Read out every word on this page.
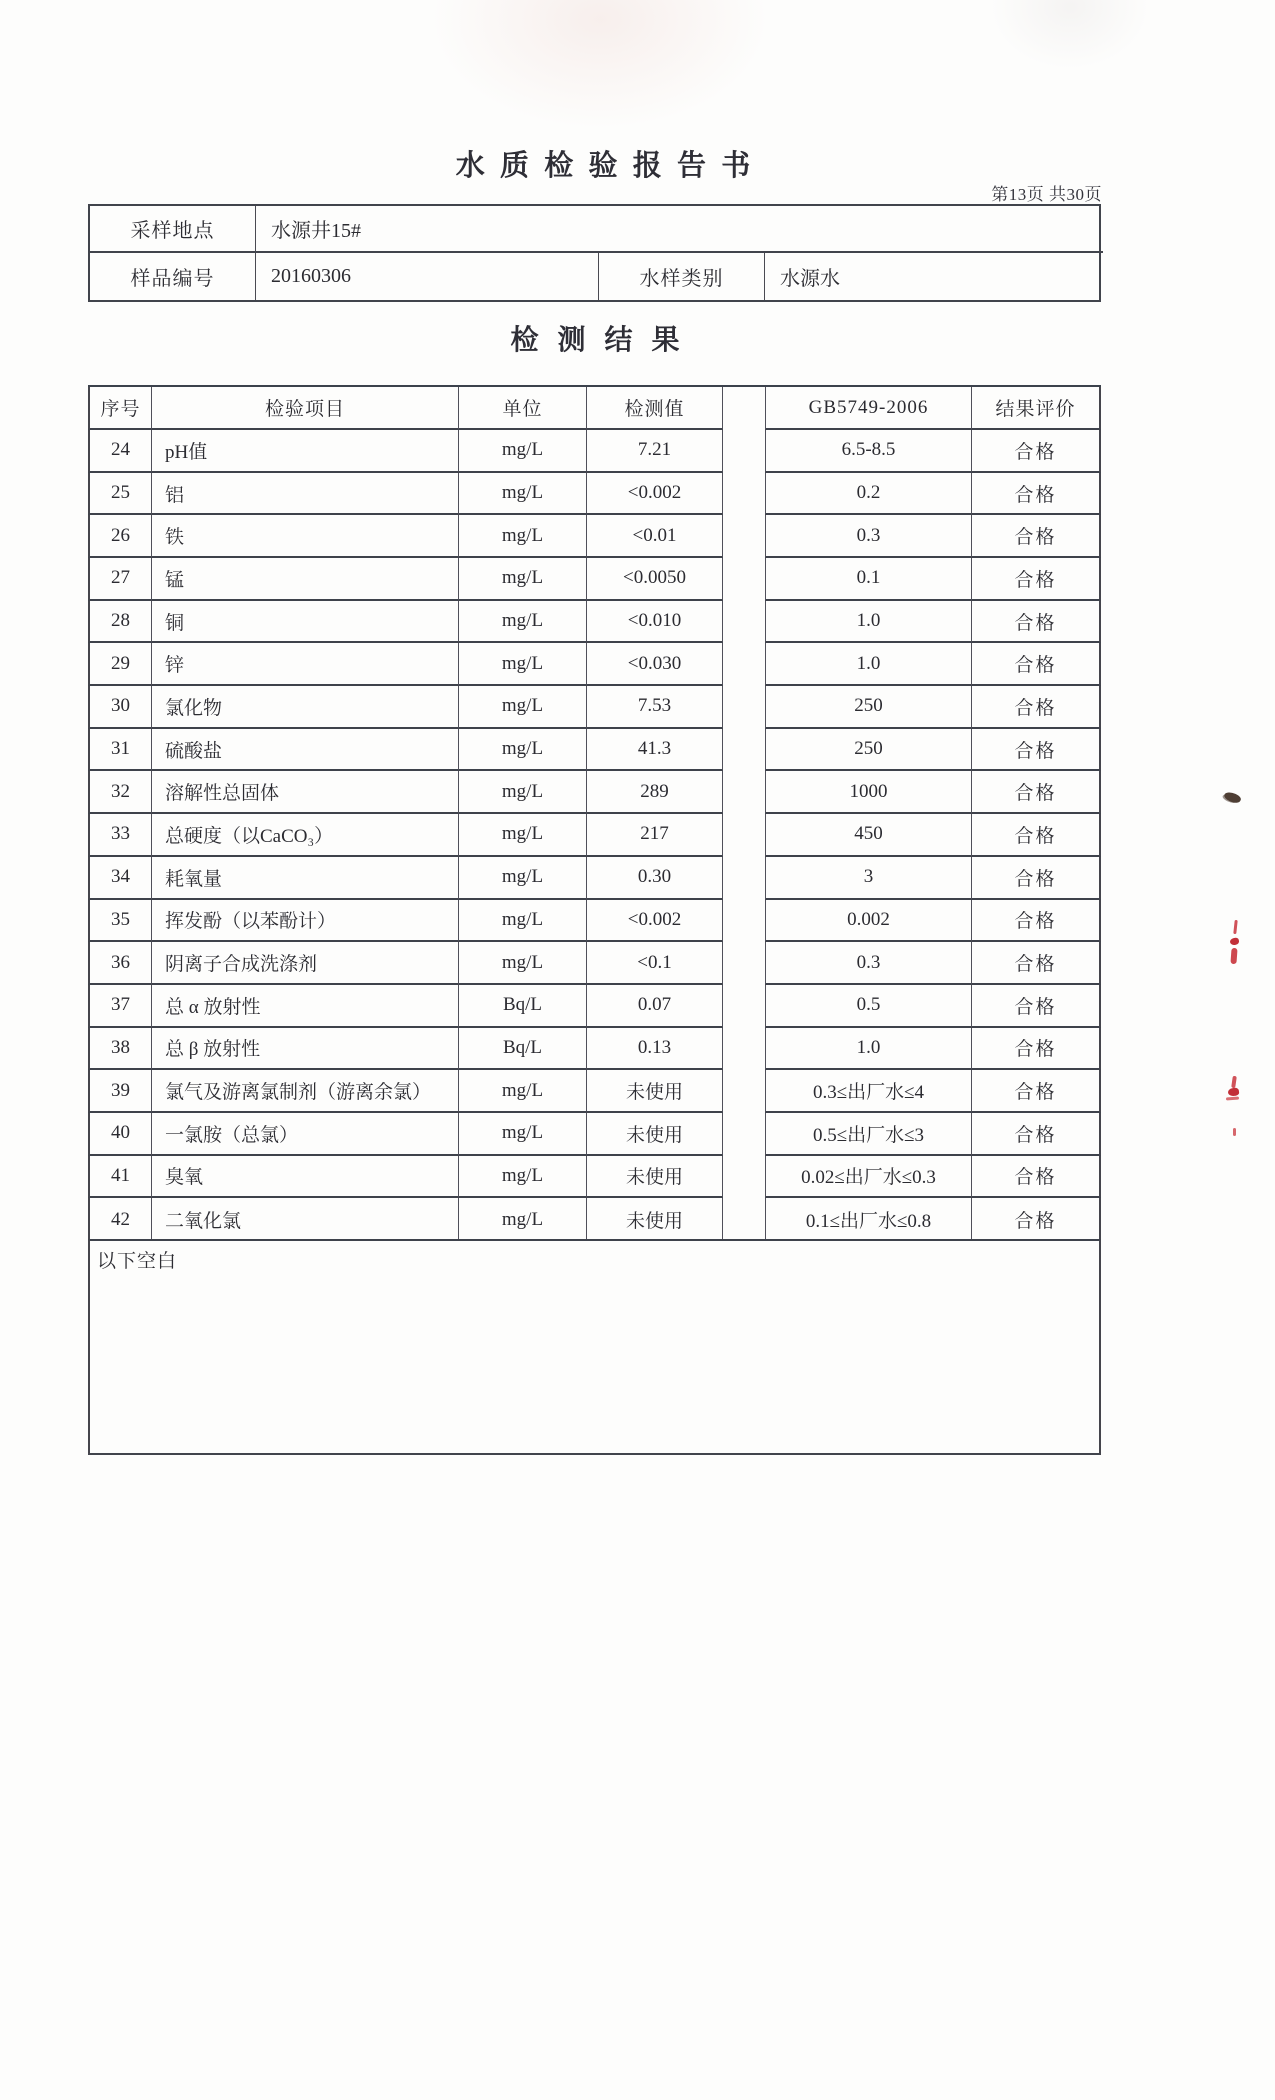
水 质 检 验 报 告 书
第13页 共30页
采样地点	水源井15#
样品编号	20160306	水样类别	水源水
检 测 结 果
序号	检验项目	单位	检测值	GB5749-2006	结果评价
24	pH值	mg/L	7.21	6.5-8.5	合格
25	铝	mg/L	<0.002	0.2	合格
26	铁	mg/L	<0.01	0.3	合格
27	锰	mg/L	<0.0050	0.1	合格
28	铜	mg/L	<0.010	1.0	合格
29	锌	mg/L	<0.030	1.0	合格
30	氯化物	mg/L	7.53	250	合格
31	硫酸盐	mg/L	41.3	250	合格
32	溶解性总固体	mg/L	289	1000	合格
33	总硬度（以CaCO₃）	mg/L	217	450	合格
34	耗氧量	mg/L	0.30	3	合格
35	挥发酚（以苯酚计）	mg/L	<0.002	0.002	合格
36	阴离子合成洗涤剂	mg/L	<0.1	0.3	合格
37	总 α 放射性	Bq/L	0.07	0.5	合格
38	总 β 放射性	Bq/L	0.13	1.0	合格
39	氯气及游离氯制剂（游离余氯）	mg/L	未使用	0.3≤出厂水≤4	合格
40	一氯胺（总氯）	mg/L	未使用	0.5≤出厂水≤3	合格
41	臭氧	mg/L	未使用	0.02≤出厂水≤0.3	合格
42	二氧化氯	mg/L	未使用	0.1≤出厂水≤0.8	合格
以下空白
